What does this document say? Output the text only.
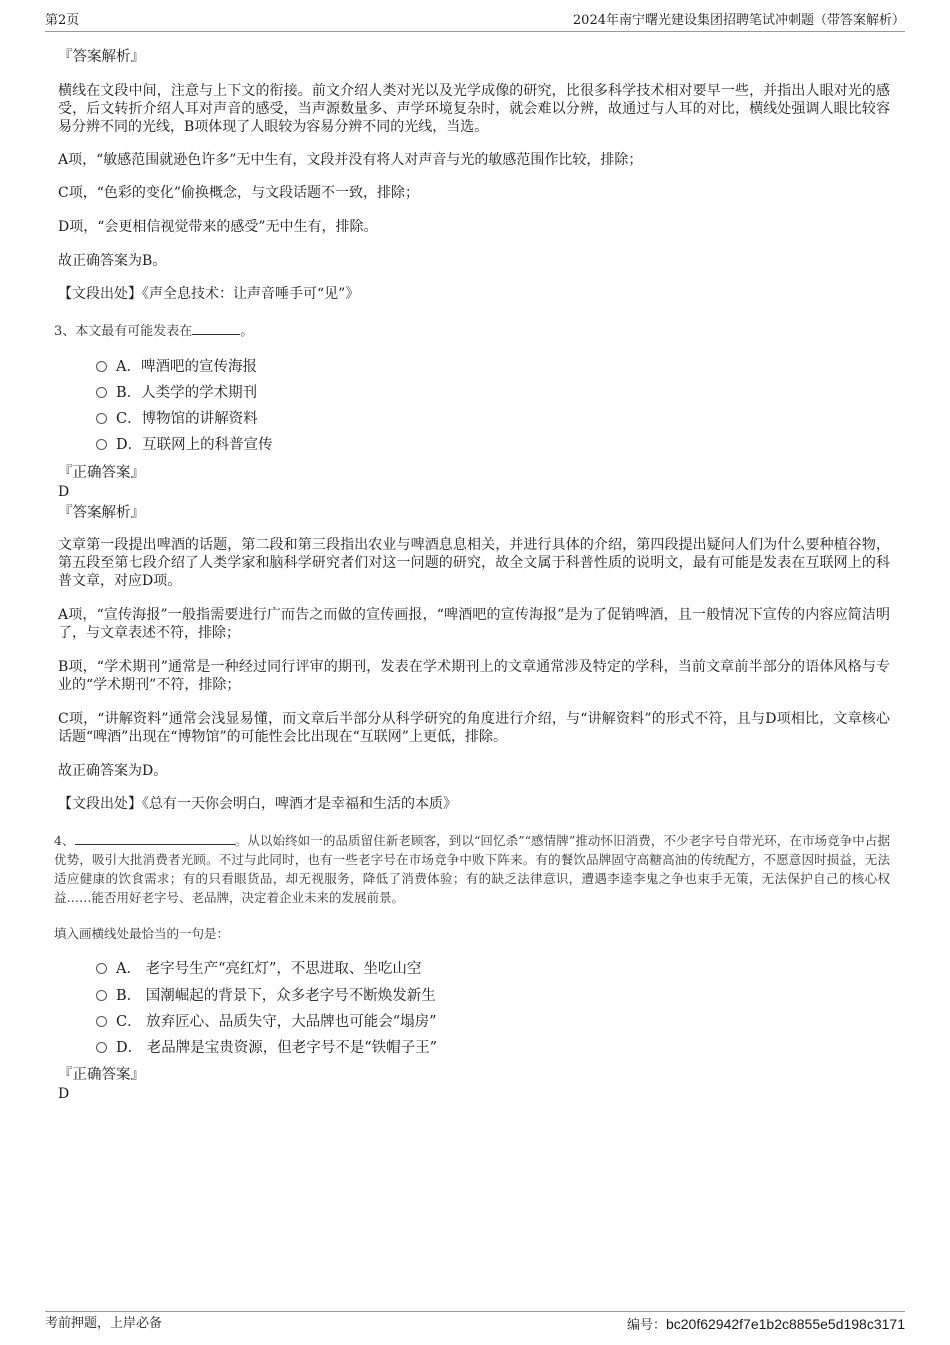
第2页	2024年南宁曙光建设集团招聘笔试冲刺题（带答案解析）
『答案解析』

横线在文段中间，注意与上下文的衔接。前文介绍人类对光以及光学成像的研究，比很多科学技术相对要早一些，并指出人眼对光的感受，后文转折介绍人耳对声音的感受，当声源数量多、声学环境复杂时，就会难以分辨，故通过与人耳的对比，横线处强调人眼比较容易分辨不同的光线，B项体现了人眼较为容易分辨不同的光线，当选。

A项，“敏感范围就逊色许多”无中生有，文段并没有将人对声音与光的敏感范围作比较，排除；

C项，“色彩的变化”偷换概念，与文段话题不一致，排除；

D项，“会更相信视觉带来的感受”无中生有，排除。

故正确答案为B。

【文段出处】《声全息技术：让声音唾手可“见”》

3、本文最有可能发表在	。
A．啤酒吧的宣传海报
B．人类学的学术期刊
C．博物馆的讲解资料
D．互联网上的科普宣传
『正确答案』
D
『答案解析』

文章第一段提出啤酒的话题，第二段和第三段指出农业与啤酒息息相关，并进行具体的介绍，第四段提出疑问人们为什么要种植谷物，第五段至第七段介绍了人类学家和脑科学研究者们对这一问题的研究，故全文属于科普性质的说明文，最有可能是发表在互联网上的科普文章，对应D项。

A项，“宣传海报”一般指需要进行广而告之而做的宣传画报，“啤酒吧的宣传海报”是为了促销啤酒，且一般情况下宣传的内容应简洁明了，与文章表述不符，排除；

B项，“学术期刊”通常是一种经过同行评审的期刊，发表在学术期刊上的文章通常涉及特定的学科，当前文章前半部分的语体风格与专业的“学术期刊”不符，排除；

C项，“讲解资料”通常会浅显易懂，而文章后半部分从科学研究的角度进行介绍，与“讲解资料”的形式不符，且与D项相比，文章核心话题“啤酒”出现在“博物馆”的可能性会比出现在“互联网”上更低，排除。

故正确答案为D。

【文段出处】《总有一天你会明白，啤酒才是幸福和生活的本质》

4、	。从以始终如一的品质留住新老顾客，到以“回忆杀”“感情牌”推动怀旧消费，不少老字号自带光环，在市场竞争中占据优势，吸引大批消费者光顾。不过与此同时，也有一些老字号在市场竞争中败下阵来。有的餐饮品牌固守高糖高油的传统配方，不愿意因时损益，无法适应健康的饮食需求；有的只看眼货品，却无视服务，降低了消费体验；有的缺乏法律意识，遭遇李逵李鬼之争也束手无策，无法保护自己的核心权益……能否用好老字号、老品牌，决定着企业未来的发展前景。

填入画横线处最恰当的一句是：

A． 老字号生产“亮红灯”，不思进取、坐吃山空
B． 国潮崛起的背景下，众多老字号不断焕发新生
C． 放弃匠心、品质失守，大品牌也可能会“塌房”
D． 老品牌是宝贵资源，但老字号不是“铁帽子王”
『正确答案』
D
考前押题，上岸必备	编号：bc20f62942f7e1b2c8855e5d198c3171
